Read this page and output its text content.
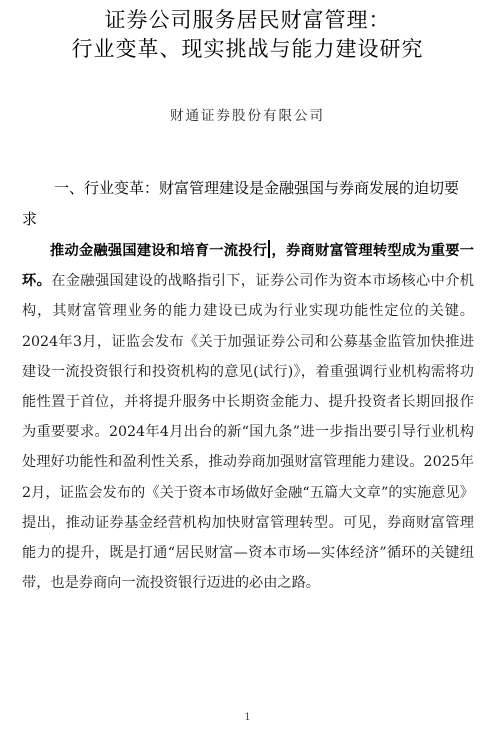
证券公司服务居民财富管理：
行业变革、现实挑战与能力建设研究
财通证券股份有限公司
一、行业变革：财富管理建设是金融强国与券商发展的迫切要求
推动金融强国建设和培育一流投行 ，券商财富管理转型成为重要一环。在金融强国建设的战略指引下，证券公司作为资本市场核心中介机构，其财富管理业务的能力建设已成为行业实现功能性定位的关键。2024年3月，证监会发布《关于加强证券公司和公募基金监管加快推进建设一流投资银行和投资机构的意见(试行)》，着重强调行业机构需将功能性置于首位，并将提升服务中长期资金能力、提升投资者长期回报作为重要要求。2024年4月出台的新“国九条”进一步指出要引导行业机构处理好功能性和盈利性关系，推动券商加强财富管理能力建设。2025年2月，证监会发布的《关于资本市场做好金融“五篇大文章”的实施意见》提出，推动证券基金经营机构加快财富管理转型。可见，券商财富管理能力的提升，既是打通“居民财富—资本市场—实体经济”循环的关键纽带，也是券商向一流投资银行迈进的必由之路。
1
